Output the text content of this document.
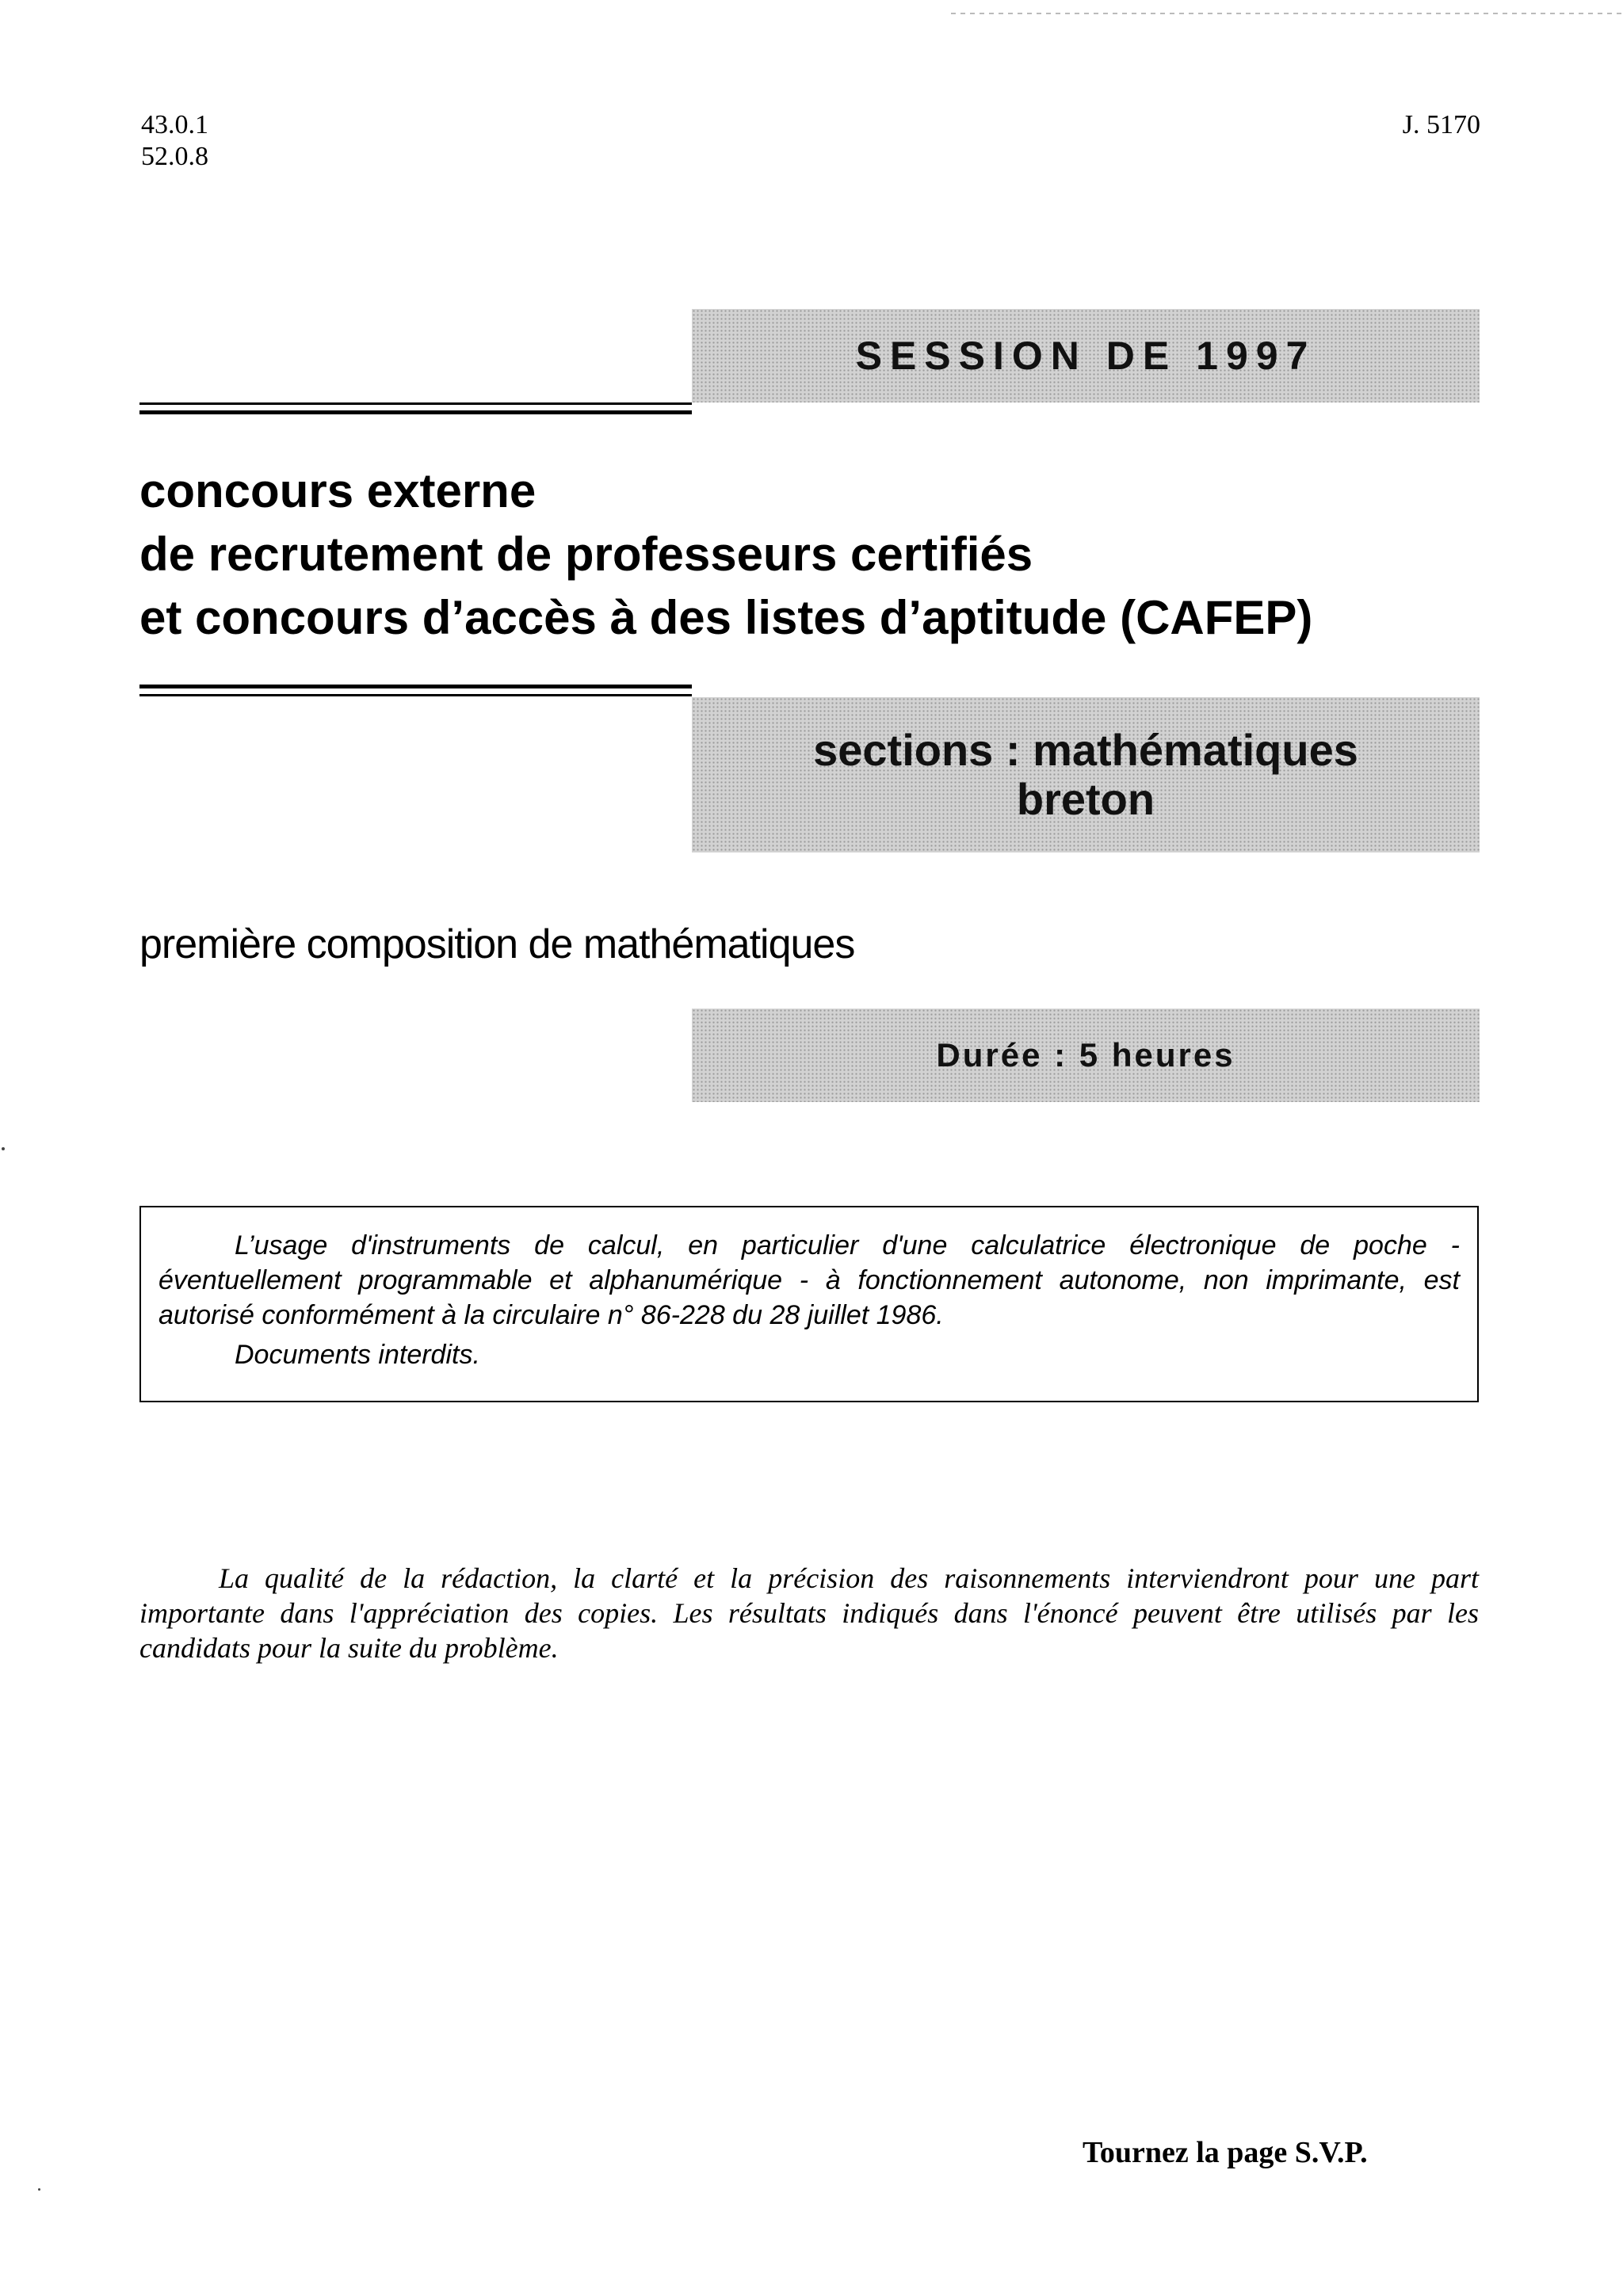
43.0.1
52.0.8
J. 5170
SESSION DE 1997
concours externe
de recrutement de professeurs certifiés
et concours d’accès à des listes d’aptitude (CAFEP)
sections : mathématiques
breton
première composition de mathématiques
Durée : 5 heures

L’usage d'instruments de calcul, en particulier d'une calculatrice électronique de poche - éventuellement programmable et alphanumérique - à fonctionnement autonome, non imprimante, est autorisé conformément à la circulaire n° 86-228 du 28 juillet 1986.

Documents interdits.

La qualité de la rédaction, la clarté et la précision des raisonnements interviendront pour une part importante dans l'appréciation des copies. Les résultats indiqués dans l'énoncé peuvent être utilisés par les candidats pour la suite du problème.
Tournez la page S.V.P.
